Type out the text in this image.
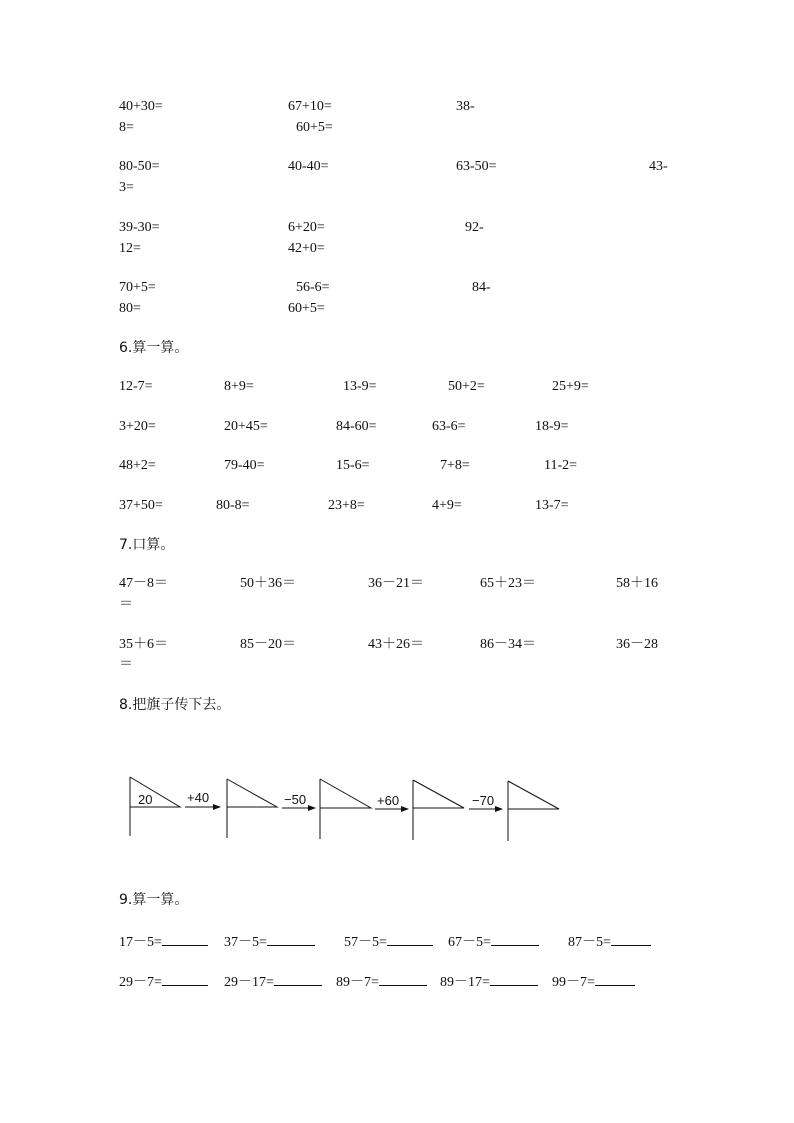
40+30=	67+10=	38-
8=	60+5=
80-50=	40-40=	63-50=	43-
3=
39-30=	6+20=	92-
12=	42+0=
70+5=	56-6=	84-
80=	60+5=
6.算一算。
12-7=	8+9=	13-9=	50+2=	25+9=
3+20=	20+45=	84-60=	63-6=	18-9=
48+2=	79-40=	15-6=	7+8=	11-2=
37+50=	80-8=	23+8=	4+9=	13-7=
7.口算。
47－8＝	50＋36＝	36－21＝	65＋23＝	58＋16
＝
35＋6＝	85－20＝	43＋26＝	86－34＝	36－28
＝
8.把旗子传下去。
20	+40	−50	+60	−70
9.算一算。
17－5=	37－5=	57－5=	67－5=	87－5=
29－7=	29－17=	89－7=	89－17=	99－7=
